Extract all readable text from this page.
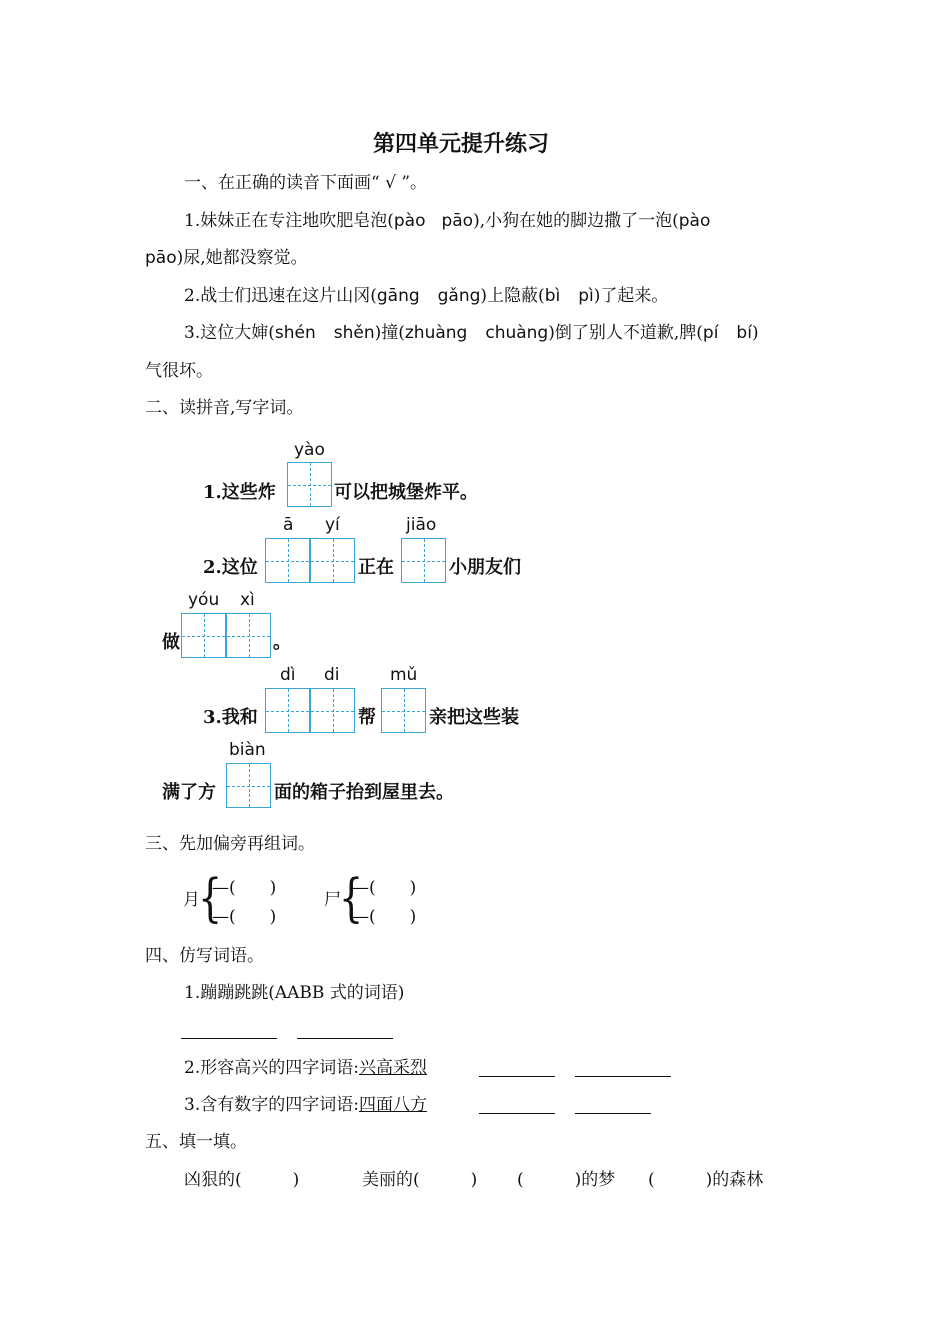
第四单元提升练习
一、在正确的读音下面画“ √ ”。
1.妹妹正在专注地吹肥皂泡(pào pāo),小狗在她的脚边撒了一泡(pào
pāo)尿,她都没察觉。
2.战士们迅速在这片山冈(gāng gǎng)上隐蔽(bì pì)了起来。
3.这位大婶(shén shěn)撞(zhuàng chuàng)倒了别人不道歉,脾(pí bí)
气很坏。
二、读拼音,写字词。
1.这些炸
yào
可以把城堡炸平。
2.这位
ā yí
正在
jiāo
小朋友们
做
yóu xì
。
3.我和
dì di
帮
mǔ
亲把这些装
满了方
biàn
面的箱子抬到屋里去。
三、先加偏旁再组词。
月
{
—(　　)
—(　　)
尸
{
—(　　)
—(　　)
四、仿写词语。
1.蹦蹦跳跳(AABB 式的词语)
2.形容高兴的四字词语:兴高采烈
3.含有数字的四字词语:四面八方
五、填一填。
凶狠的(　　　)	美丽的(　　　) (　　　)的梦 (　　　)的森林
